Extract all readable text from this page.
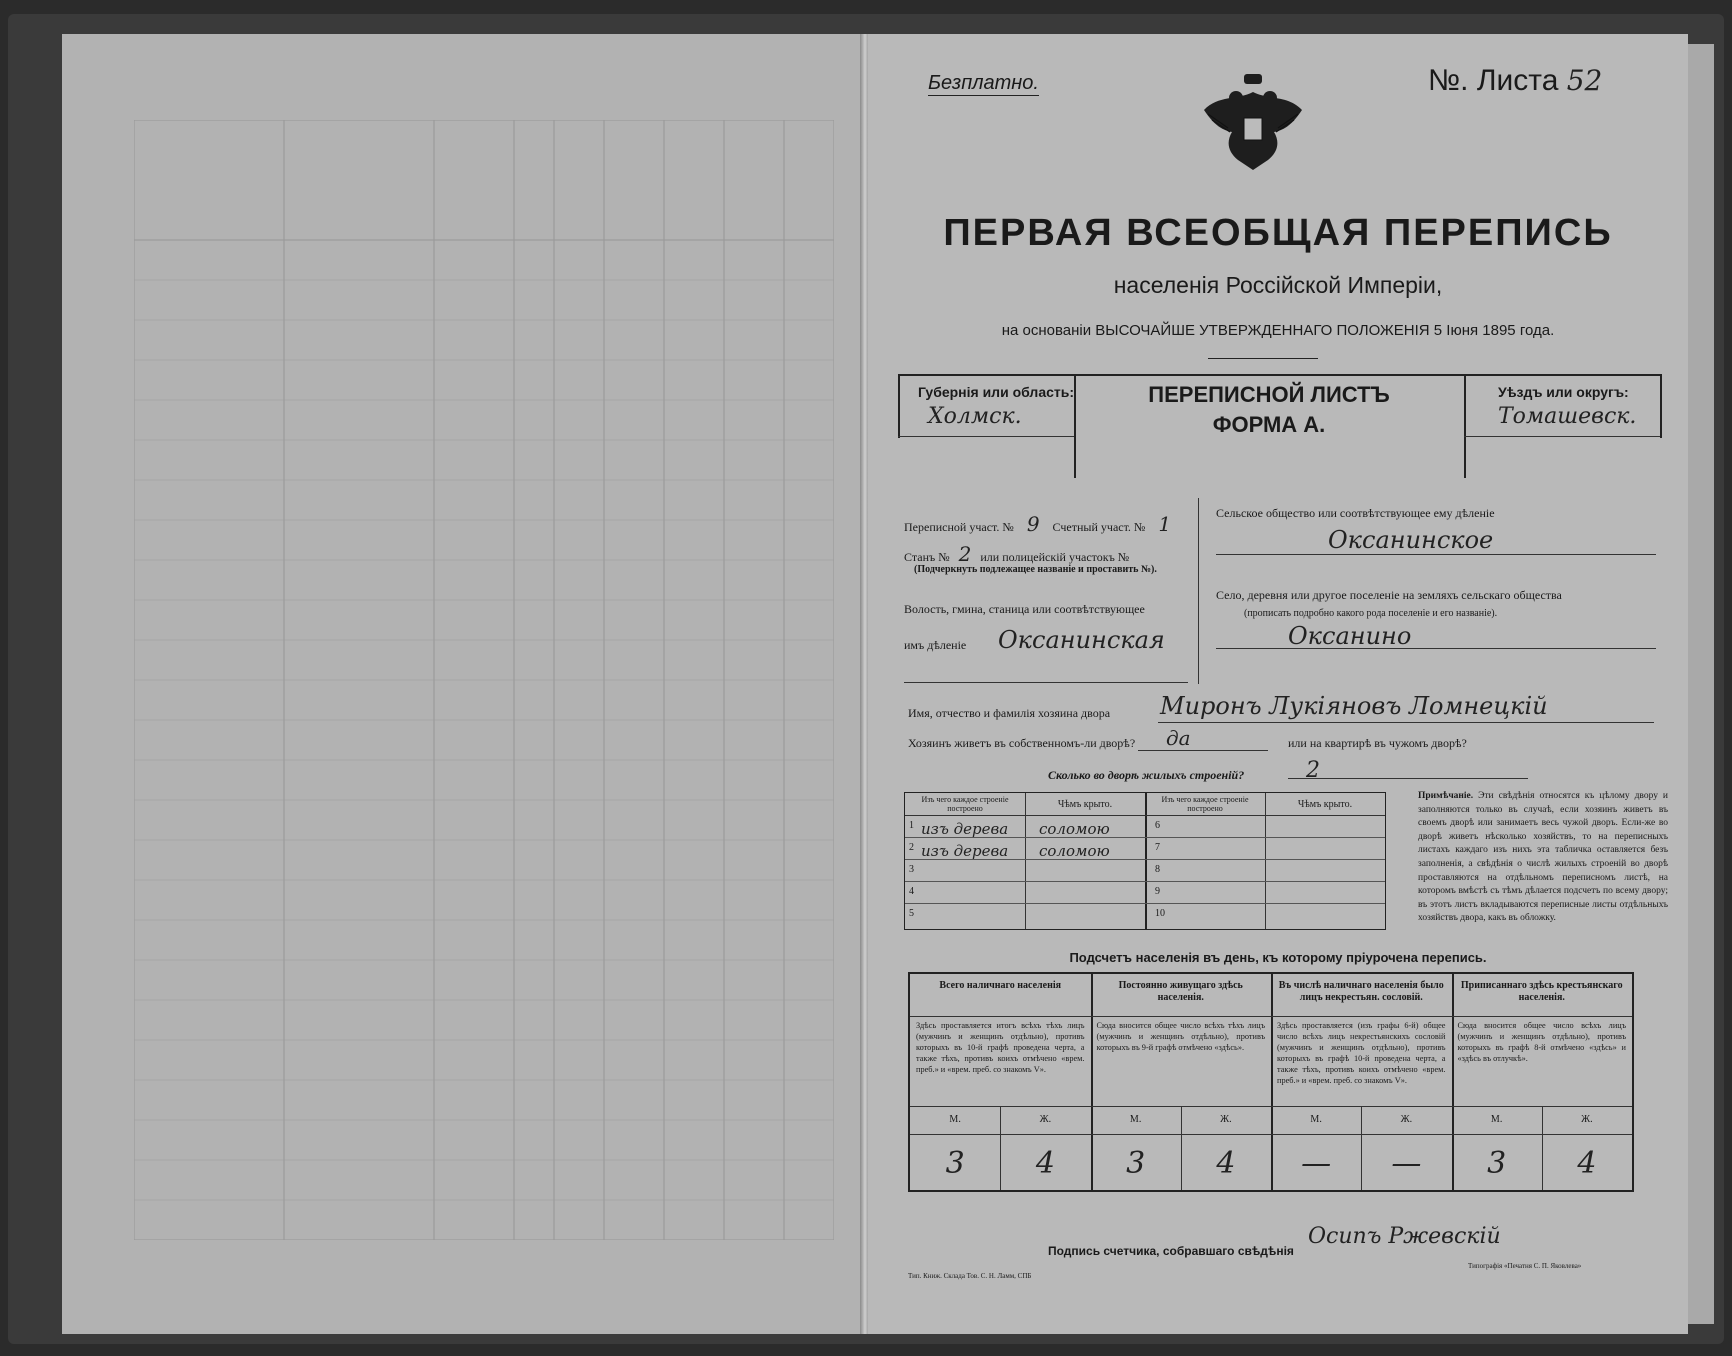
Безплатно.	№. Листа 52
ПЕРВАЯ ВСЕОБЩАЯ ПЕРЕПИСЬ
населенія Россійской Имперіи,
на основаніи ВЫСОЧАЙШЕ УТВЕРЖДЕННАГО ПОЛОЖЕНІЯ 5 Іюня 1895 года.
Губернія или область:
Холмск.
ПЕРЕПИСНОЙ ЛИСТЪ
ФОРМА А.
Уѣздъ или округъ:
Томашевск.
Переписной участ. № 9 Счетный участ. № 1
Станъ № 2 или полицейскій участокъ №
(Подчеркнуть подлежащее названіе и проставить №).
Волость, гмина, станица или соотвѣтствующее
имъ дѣленіе Оксанинская
Сельское общество или соотвѣтствующее ему дѣленіе
Оксанинское
Село, деревня или другое поселеніе на земляхъ сельскаго общества
(прописать подробно какого рода поселеніе и его названіе).
Оксанино
Имя, отчество и фамилія хозяина двора Миронъ Лукіяновъ Ломнецкій
Хозяинъ живетъ въ собственномъ-ли дворѣ? да	или на квартирѣ въ чужомъ дворѣ?
Сколько во дворѣ жилыхъ строеній?	2
Изъ чего каждое строеніе построено	Чѣмъ крыто.	Изъ чего каждое строеніе построено	Чѣмъ крыто.
1 изъ дерева соломою	6
2 изъ дерева соломою	7
3	8
4	9
5	10
Примѣчаніе. Эти свѣдѣнія относятся къ цѣлому двору и заполняются только въ случаѣ, если хозяинъ живетъ въ своемъ дворѣ или занимаетъ весь чужой дворъ. Если-же во дворѣ живетъ нѣсколько хозяйствъ, то на переписныхъ листахъ каждаго изъ нихъ эта табличка оставляется безъ заполненія, а свѣдѣнія о числѣ жилыхъ строеній во дворѣ проставляются на отдѣльномъ переписномъ листѣ, на которомъ вмѣстѣ съ тѣмъ дѣлается подсчетъ по всему двору; въ этотъ листъ вкладываются переписные листы отдѣльныхъ хозяйствъ двора, какъ въ обложку.
Подсчетъ населенія въ день, къ которому пріурочена перепись.
Всего наличнаго населенія
Здѣсь проставляется итогъ всѣхъ тѣхъ лицъ (мужчинъ и женщинъ отдѣльно), противъ которыхъ въ 10-й графѣ проведена черта, а также тѣхъ, противъ коихъ отмѣчено «врем. преб.» и «врем. преб. со знакомъ V».
М.	Ж.
3	4
Постоянно живущаго здѣсь населенія.
Сюда вносится общее число всѣхъ тѣхъ лицъ (мужчинъ и женщинъ отдѣльно), противъ которыхъ въ 9-й графѣ отмѣчено «здѣсь».
М.	Ж.
3	4
Въ числѣ наличнаго населенія было лицъ некрестьян. сословій.
Здѣсь проставляется (изъ графы 6-й) общее число всѣхъ лицъ некрестьянскихъ сословій (мужчинъ и женщинъ отдѣльно), противъ которыхъ въ графѣ 10-й проведена черта, а также тѣхъ, противъ коихъ отмѣчено «врем. преб.» и «врем. преб. со знакомъ V».
М.	Ж.
—	—
Приписаннаго здѣсь крестьянскаго населенія.
Сюда вносится общее число всѣхъ лицъ (мужчинъ и женщинъ отдѣльно), противъ которыхъ въ графѣ 8-й отмѣчено «здѣсь» и «здѣсь въ отлучкѣ».
М.	Ж.
3	4
Подпись счетчика, собравшаго свѣдѣнія
Осипъ Ржевскій
Тип. Книж. Склада Тов. С. Н. Ламм, СПБ
Типографія «Печатня С. П. Яковлева»
